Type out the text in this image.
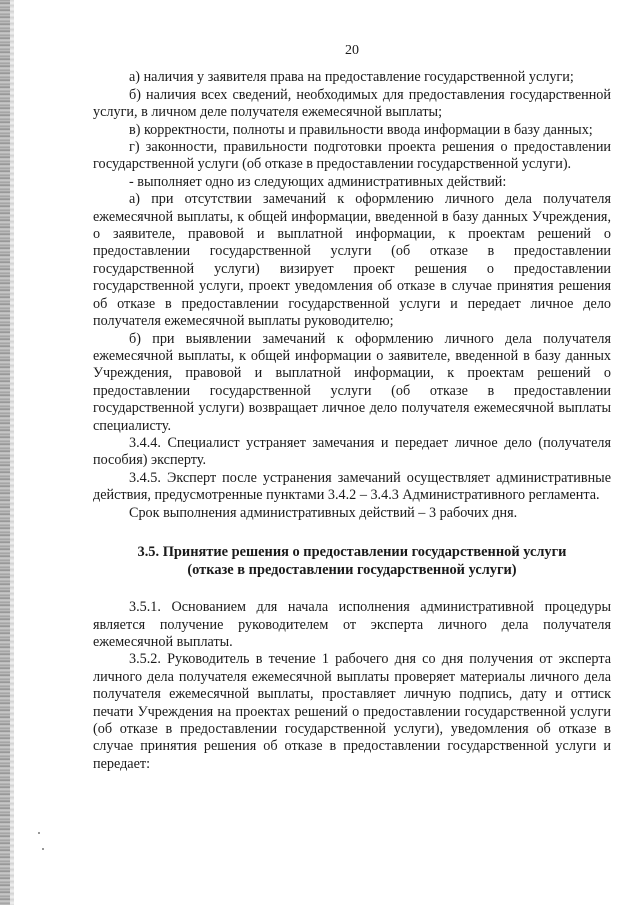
20

а) наличия у заявителя права на предоставление государственной услуги;

б) наличия всех сведений, необходимых для предоставления государственной услуги, в личном деле получателя ежемесячной выплаты;

в) корректности, полноты и правильности ввода информации в базу данных;

г) законности, правильности подготовки проекта решения о предоставлении государственной услуги (об отказе в предоставлении государственной услуги).

- выполняет одно из следующих административных действий:

а) при отсутствии замечаний к оформлению личного дела получателя ежемесячной выплаты, к общей информации, введенной в базу данных Учреждения, о заявителе, правовой и выплатной информации, к проектам решений о предоставлении государственной услуги (об отказе в предоставлении государственной услуги) визирует проект решения о предоставлении государственной услуги, проект уведомления об отказе в случае принятия решения об отказе в предоставлении государственной услуги и передает личное дело получателя ежемесячной выплаты руководителю;

б) при выявлении замечаний к оформлению личного дела получателя ежемесячной выплаты, к общей информации о заявителе, введенной в базу данных Учреждения, правовой и выплатной информации, к проектам решений о предоставлении государственной услуги (об отказе в предоставлении государственной услуги) возвращает личное дело получателя ежемесячной выплаты специалисту.

3.4.4. Специалист устраняет замечания и передает личное дело (получателя пособия) эксперту.

3.4.5. Эксперт после устранения замечаний осуществляет административные действия, предусмотренные пунктами 3.4.2 – 3.4.3 Административного регламента.

Срок выполнения административных действий – 3 рабочих дня.

3.5. Принятие решения о предоставлении государственной услуги
(отказе в предоставлении государственной услуги)

3.5.1. Основанием для начала исполнения административной процедуры является получение руководителем от эксперта личного дела получателя ежемесячной выплаты.

3.5.2. Руководитель в течение 1 рабочего дня со дня получения от эксперта личного дела получателя ежемесячной выплаты проверяет материалы личного дела получателя ежемесячной выплаты, проставляет личную подпись, дату и оттиск печати Учреждения на проектах решений о предоставлении государственной услуги (об отказе в предоставлении государственной услуги), уведомления об отказе в случае принятия решения об отказе в предоставлении государственной услуги и передает:
